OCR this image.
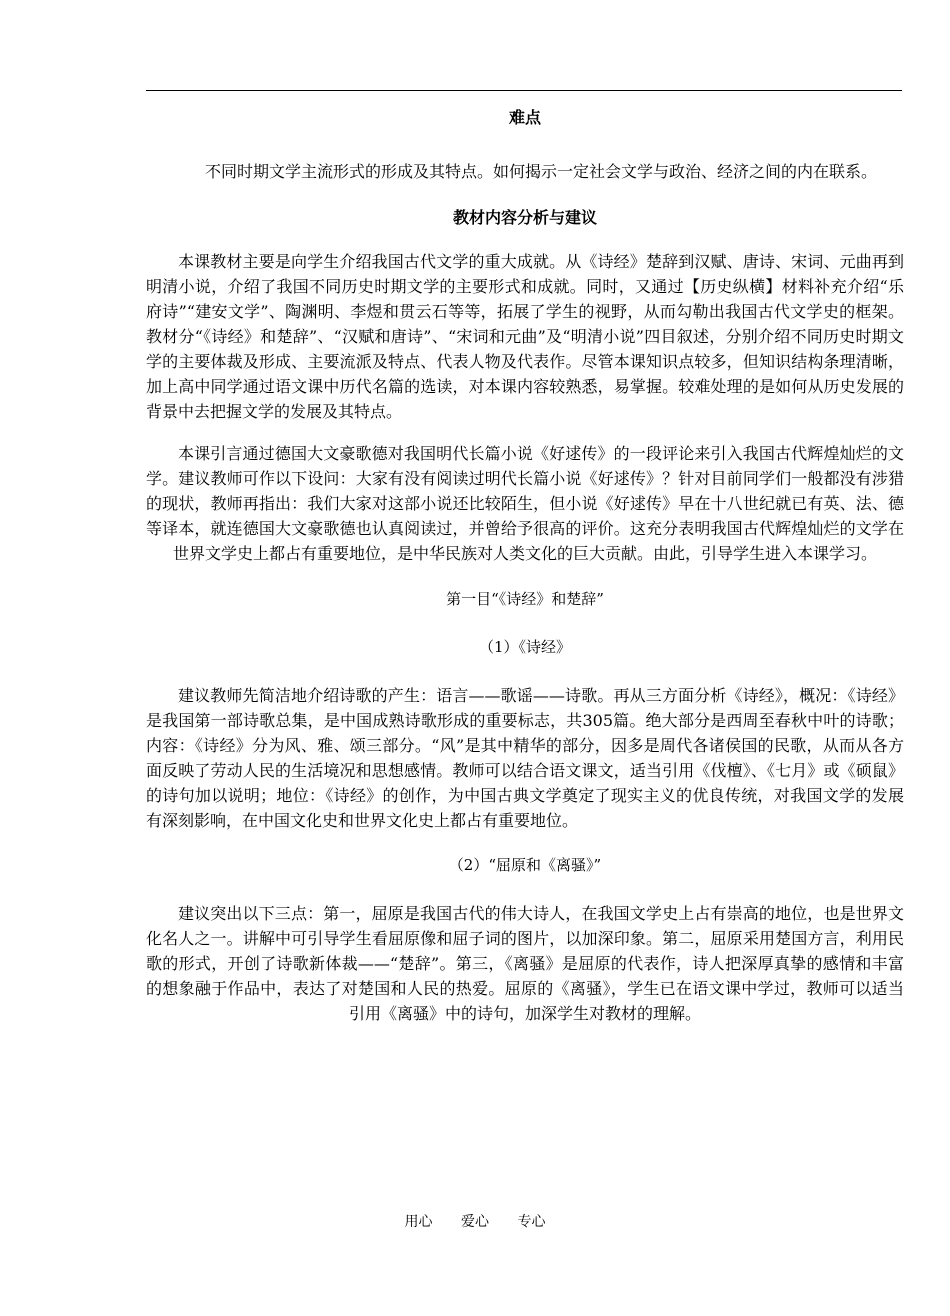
难点

不同时期文学主流形式的形成及其特点。如何揭示一定社会文学与政治、经济之间的内在联系。

教材内容分析与建议

本课教材主要是向学生介绍我国古代文学的重大成就。从《诗经》楚辞到汉赋、唐诗、宋词、元曲再到明清小说，介绍了我国不同历史时期文学的主要形式和成就。同时，又通过【历史纵横】材料补充介绍“乐府诗”“建安文学”、陶渊明、李煜和贯云石等等，拓展了学生的视野，从而勾勒出我国古代文学史的框架。教材分“《诗经》和楚辞”、“汉赋和唐诗”、“宋词和元曲”及“明清小说”四目叙述，分别介绍不同历史时期文学的主要体裁及形成、主要流派及特点、代表人物及代表作。尽管本课知识点较多，但知识结构条理清晰，加上高中同学通过语文课中历代名篇的选读，对本课内容较熟悉，易掌握。较难处理的是如何从历史发展的背景中去把握文学的发展及其特点。

本课引言通过德国大文豪歌德对我国明代长篇小说《好逑传》的一段评论来引入我国古代辉煌灿烂的文学。建议教师可作以下设问：大家有没有阅读过明代长篇小说《好逑传》？针对目前同学们一般都没有涉猎的现状，教师再指出：我们大家对这部小说还比较陌生，但小说《好逑传》早在十八世纪就已有英、法、德等译本，就连德国大文豪歌德也认真阅读过，并曾给予很高的评价。这充分表明我国古代辉煌灿烂的文学在世界文学史上都占有重要地位，是中华民族对人类文化的巨大贡献。由此，引导学生进入本课学习。

第一目“《诗经》和楚辞”

（1）《诗经》

建议教师先简洁地介绍诗歌的产生：语言——歌谣——诗歌。再从三方面分析《诗经》，概况：《诗经》是我国第一部诗歌总集，是中国成熟诗歌形成的重要标志，共305篇。绝大部分是西周至春秋中叶的诗歌；内容：《诗经》分为风、雅、颂三部分。“风”是其中精华的部分，因多是周代各诸侯国的民歌，从而从各方面反映了劳动人民的生活境况和思想感情。教师可以结合语文课文，适当引用《伐檀》、《七月》或《硕鼠》的诗句加以说明；地位：《诗经》的创作，为中国古典文学奠定了现实主义的优良传统，对我国文学的发展有深刻影响，在中国文化史和世界文化史上都占有重要地位。

（2）“屈原和《离骚》”

建议突出以下三点：第一，屈原是我国古代的伟大诗人，在我国文学史上占有崇高的地位，也是世界文化名人之一。讲解中可引导学生看屈原像和屈子词的图片，以加深印象。第二，屈原采用楚国方言，利用民歌的形式，开创了诗歌新体裁——“楚辞”。第三，《离骚》是屈原的代表作，诗人把深厚真挚的感情和丰富的想象融于作品中，表达了对楚国和人民的热爱。屈原的《离骚》，学生已在语文课中学过，教师可以适当引用《离骚》中的诗句，加深学生对教材的理解。

用心 爱心 专心
